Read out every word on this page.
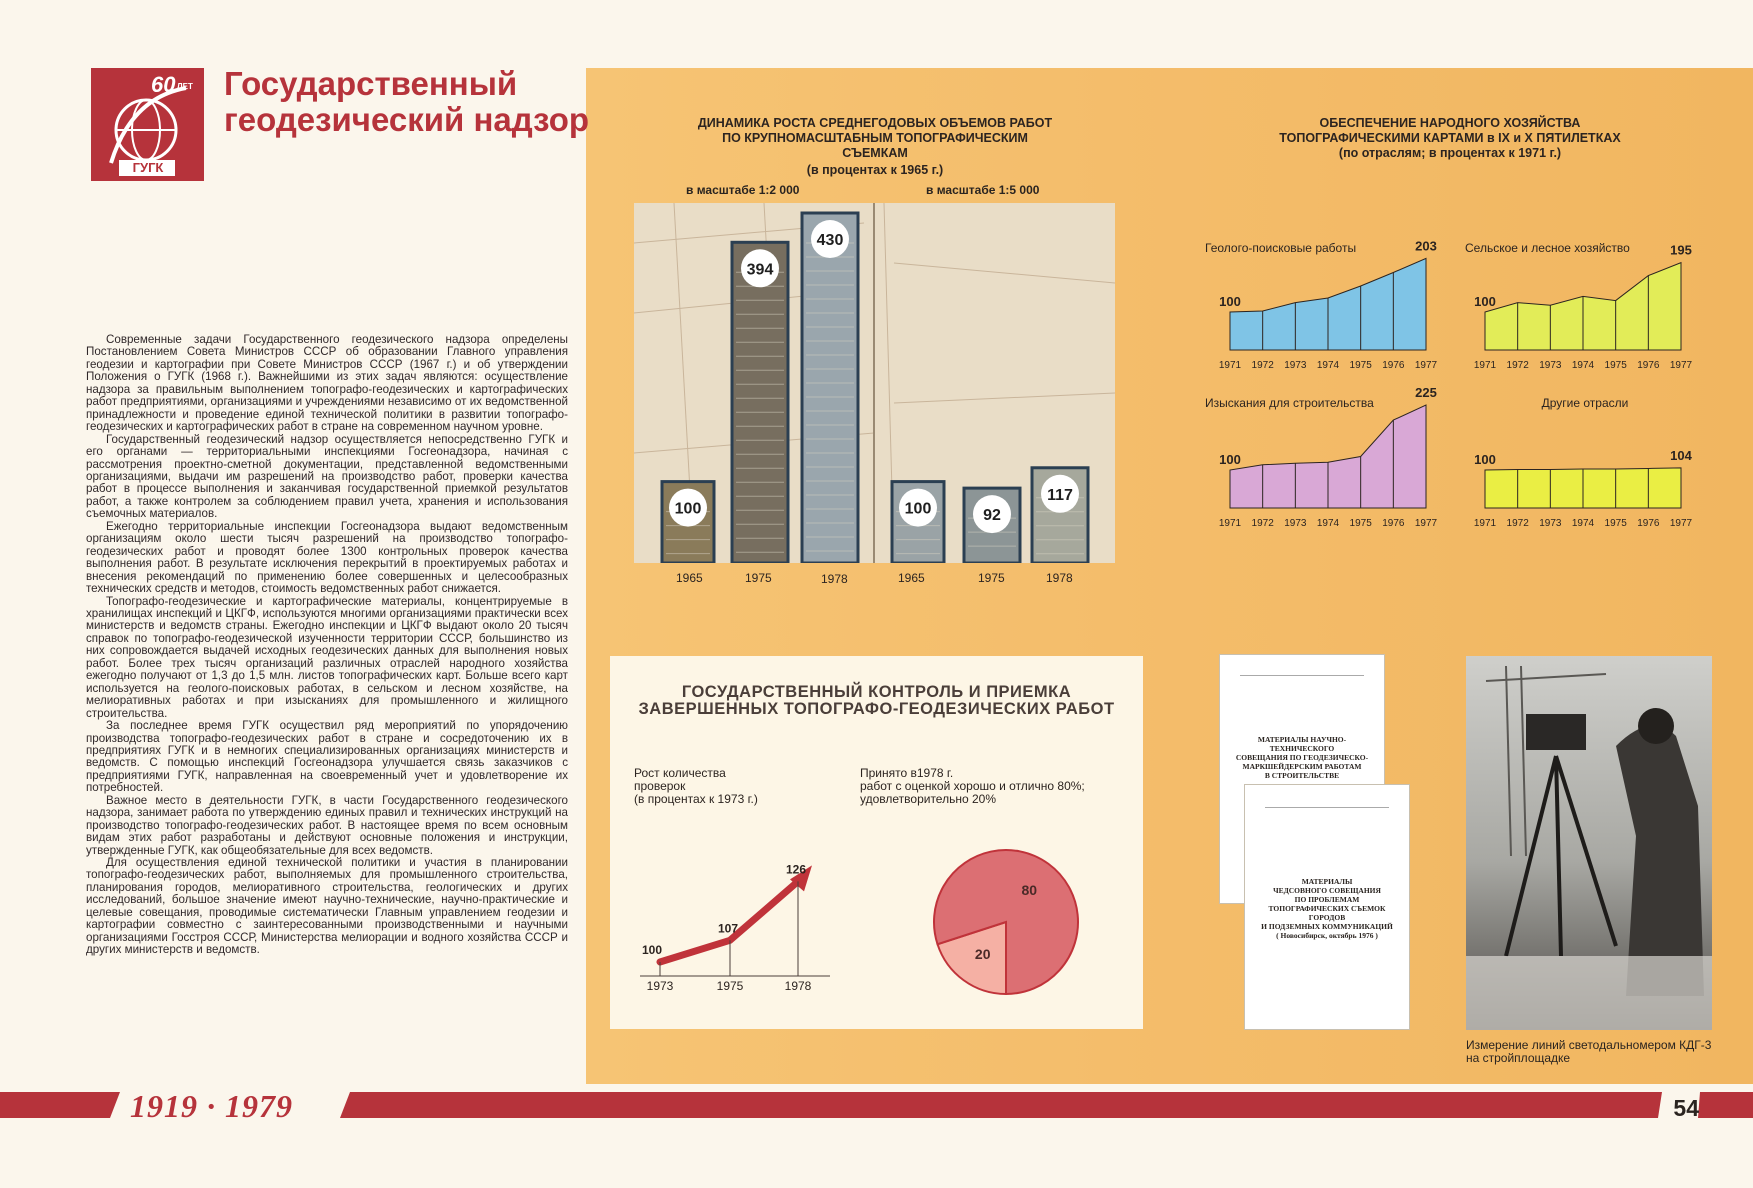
60 ЛЕТ
ГУГК
Государственный
геодезический надзор

Современные задачи Государственного геодезического надзора определены Постановлением Совета Министров СССР об образовании Главного управления геодезии и картографии при Совете Министров СССР (1967 г.) и об утверждении Положения о ГУГК (1968 г.). Важнейшими из этих задач являются: осуществление надзора за правильным выполнением топографо-геодезических и картографических работ предприятиями, организациями и учреждениями независимо от их ведомственной принадлежности и проведение единой технической политики в развитии топографо-геодезических и картографических работ в стране на современном научном уровне.

Государственный геодезический надзор осуществляется непосредственно ГУГК и его органами — территориальными инспекциями Госгеонадзора, начиная с рассмотрения проектно-сметной документации, представленной ведомственными организациями, выдачи им разрешений на производство работ, проверки качества работ в процессе выполнения и заканчивая государственной приемкой результатов работ, а также контролем за соблюдением правил учета, хранения и использования съемочных материалов.

Ежегодно территориальные инспекции Госгеонадзора выдают ведомственным организациям около шести тысяч разрешений на производство топографо-геодезических работ и проводят более 1300 контрольных проверок качества выполнения работ. В результате исключения перекрытий в проектируемых работах и внесения рекомендаций по применению более совершенных и целесообразных технических средств и методов, стоимость ведомственных работ снижается.

Топографо-геодезические и картографические материалы, концентрируемые в хранилищах инспекций и ЦКГФ, используются многими организациями практически всех министерств и ведомств страны. Ежегодно инспекции и ЦКГФ выдают около 20 тысяч справок по топографо-геодезической изученности территории СССР, большинство из них сопровождается выдачей исходных геодезических данных для выполнения новых работ. Более трех тысяч организаций различных отраслей народного хозяйства ежегодно получают от 1,3 до 1,5 млн. листов топографических карт. Больше всего карт используется на геолого-поисковых работах, в сельском и лесном хозяйстве, на мелиоративных работах и при изысканиях для промышленного и жилищного строительства.

За последнее время ГУГК осуществил ряд мероприятий по упорядочению производства топографо-геодезических работ в стране и сосредоточению их в предприятиях ГУГК и в немногих специализированных организациях министерств и ведомств. С помощью инспекций Госгеонадзора улучшается связь заказчиков с предприятиями ГУГК, направленная на своевременный учет и удовлетворение их потребностей.

Важное место в деятельности ГУГК, в части Государственного геодезического надзора, занимает работа по утверждению единых правил и технических инструкций на производство топографо-геодезических работ. В настоящее время по всем основным видам этих работ разработаны и действуют основные положения и инструкции, утвержденные ГУГК, как общеобязательные для всех ведомств.

Для осуществления единой технической политики и участия в планировании топографо-геодезических работ, выполняемых для промышленного строительства, планирования городов, мелиоративного строительства, геологических и других исследований, большое значение имеют научно-технические, научно-практические и целевые совещания, проводимые систематически Главным управлением геодезии и картографии совместно с заинтересованными производственными и научными организациями Госстроя СССР, Министерства мелиорации и водного хозяйства СССР и других министерств и ведомств.

ДИНАМИКА РОСТА СРЕДНЕГОДОВЫХ ОБЪЕМОВ РАБОТ
ПО КРУПНОМАСШТАБНЫМ ТОПОГРАФИЧЕСКИМ
СЪЕМКАМ
(в процентах к 1965 г.)
в масштабе 1:2 000	в масштабе 1:5 000
100
394
430
100	92
117
1965	1975	1978	1965	1975	1978
ОБЕСПЕЧЕНИЕ НАРОДНОГО ХОЗЯЙСТВА
ТОПОГРАФИЧЕСКИМИ КАРТАМИ в IX и X ПЯТИЛЕТКАХ
(по отраслям; в процентах к 1971 г.)
Геолого-поисковые работы
100
203
1971 1972 1973 1974 1975 1976 1977
Сельское и лесное хозяйство
100
195
1971 1972 1973 1974 1975 1976 1977
Изыскания для строительства
100
225
1971 1972 1973 1974 1975 1976 1977
Другие отрасли
100	104
1971 1972 1973 1974 1975 1976 1977
ГОСУДАРСТВЕННЫЙ КОНТРОЛЬ И ПРИЕМКА
ЗАВЕРШЕННЫХ ТОПОГРАФО-ГЕОДЕЗИЧЕСКИХ РАБОТ
Рост количества
проверок
(в процентах к 1973 г.)
Принято в1978 г.
работ с оценкой хорошо и отлично 80%;
удовлетворительно 20%
100
1973
107
1975
126
1978
20
80
МАТЕРИАЛЫ НАУЧНО-ТЕХНИЧЕСКОГО
СОВЕЩАНИЯ ПО ГЕОДЕЗИЧЕСКО-
МАРКШЕЙДЕРСКИМ РАБОТАМ
В СТРОИТЕЛЬСТВЕ
МАТЕРИАЛЫ
ЧЕДСОВНОГО СОВЕЩАНИЯ
ПО ПРОБЛЕМАМ
ТОПОГРАФИЧЕСКИХ СЪЕМОК ГОРОДОВ
И ПОДЗЕМНЫХ КОММУНИКАЦИЙ
( Новосибирск, октябрь 1976 )
Измерение линий светодальномером КДГ-3 на стройплощадке
1919 · 1979	54
